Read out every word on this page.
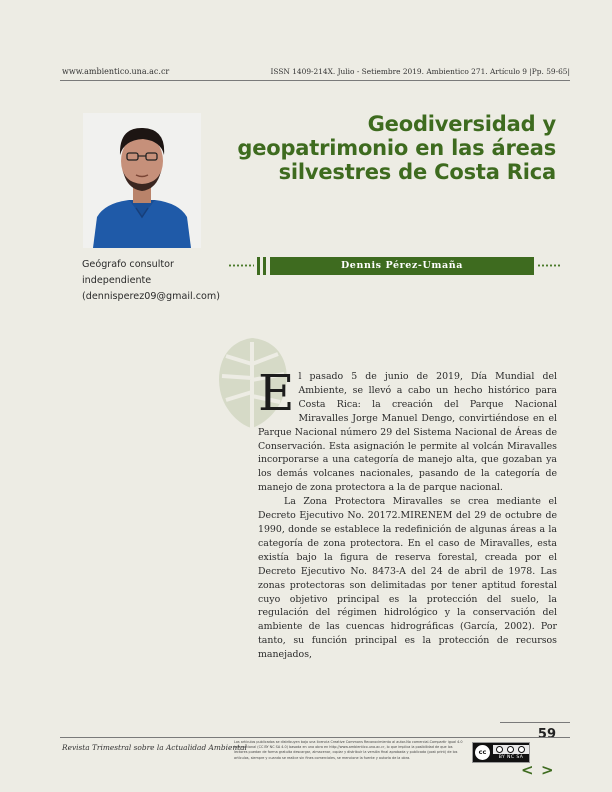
www.ambientico.una.ac.cr	ISSN 1409-214X. Julio - Setiembre 2019. Ambientico 271. Artículo 9 |Pp. 59-65|
Geógrafo consultor independiente (dennisperez09@gmail.com)
Geodiversidad y geopatrimonio en las áreas silvestres de Costa Rica
Dennis Pérez-Umaña

El pasado 5 de junio de 2019, Día Mundial del Ambiente, se llevó a cabo un hecho histórico para Costa Rica: la creación del Parque Nacional Miravalles Jorge Manuel Dengo, convirtiéndose en el Parque Nacional número 29 del Sistema Nacional de Áreas de Conservación. Esta asignación le permite al volcán Miravalles incorporarse a una categoría de manejo alta, que gozaban ya los demás volcanes nacionales, pasando de la categoría de manejo de zona protectora a la de parque nacional.

La Zona Protectora Miravalles se crea mediante el Decreto Ejecutivo No. 20172.MIRENEM del 29 de octubre de 1990, donde se establece la redefinición de algunas áreas a la categoría de zona protectora. En el caso de Miravalles, esta existía bajo la figura de reserva forestal, creada por el Decreto Ejecutivo No. 8473-A del 24 de abril de 1978. Las zonas protectoras son delimitadas por tener aptitud forestal cuyo objetivo principal es la protección del suelo, la regulación del régimen hidrológico y la conservación del ambiente de las cuencas hidrográficas (García, 2002). Por tanto, su función principal es la protección de recursos manejados,

59
Revista Trimestral sobre la Actualidad Ambiental
Los artículos publicados se distribuyen bajo una licencia Creative Commons Reconocimiento al autor-No comercial-Compartir igual 4.0 Internacional (CC BY NC SA 4.0) basada en una obra en http://www.ambientico.una.ac.cr, lo que implica la posibilidad de que los lectores puedan de forma gratuita descargar, almacenar, copiar y distribuir la versión final aprobada y publicada (post print) de los artículos, siempre y cuando se realice sin fines comerciales, se mencione la fuente y autoría de la obra.
cc
BY NC SA
< >
